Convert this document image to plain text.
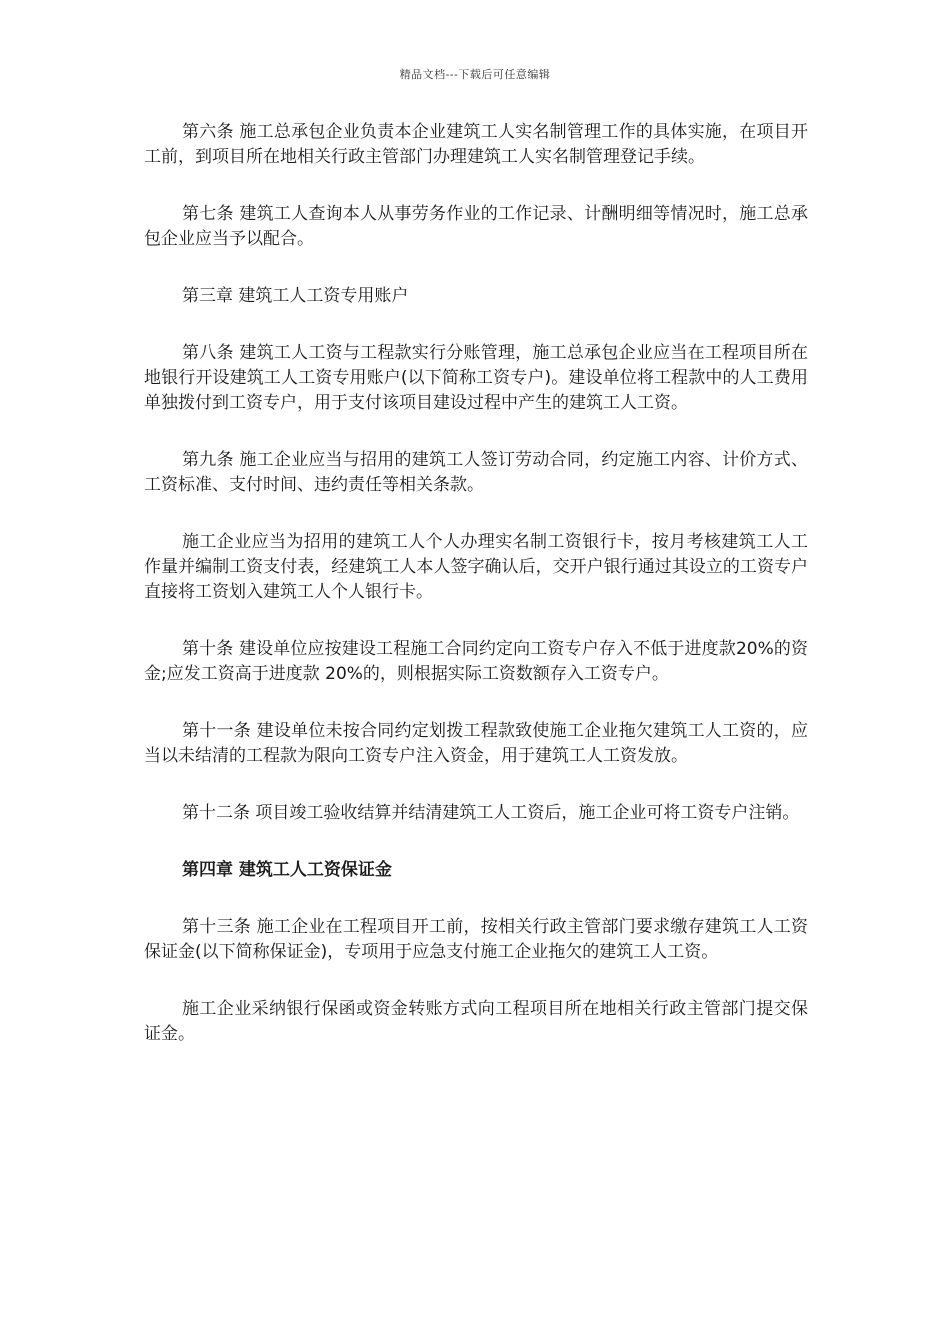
精品文档---下载后可任意编辑

第六条 施工总承包企业负责本企业建筑工人实名制管理工作的具体实施，在项目开工前，到项目所在地相关行政主管部门办理建筑工人实名制管理登记手续。

第七条 建筑工人查询本人从事劳务作业的工作记录、计酬明细等情况时，施工总承包企业应当予以配合。

第三章 建筑工人工资专用账户

第八条 建筑工人工资与工程款实行分账管理，施工总承包企业应当在工程项目所在地银行开设建筑工人工资专用账户(以下简称工资专户)。建设单位将工程款中的人工费用单独拨付到工资专户，用于支付该项目建设过程中产生的建筑工人工资。

第九条 施工企业应当与招用的建筑工人签订劳动合同，约定施工内容、计价方式、工资标准、支付时间、违约责任等相关条款。

施工企业应当为招用的建筑工人个人办理实名制工资银行卡，按月考核建筑工人工作量并编制工资支付表，经建筑工人本人签字确认后，交开户银行通过其设立的工资专户直接将工资划入建筑工人个人银行卡。

第十条 建设单位应按建设工程施工合同约定向工资专户存入不低于进度款20%的资金;应发工资高于进度款 20%的，则根据实际工资数额存入工资专户。

第十一条 建设单位未按合同约定划拨工程款致使施工企业拖欠建筑工人工资的，应当以未结清的工程款为限向工资专户注入资金，用于建筑工人工资发放。

第十二条 项目竣工验收结算并结清建筑工人工资后，施工企业可将工资专户注销。

第四章 建筑工人工资保证金

第十三条 施工企业在工程项目开工前，按相关行政主管部门要求缴存建筑工人工资保证金(以下简称保证金)，专项用于应急支付施工企业拖欠的建筑工人工资。

施工企业采纳银行保函或资金转账方式向工程项目所在地相关行政主管部门提交保证金。
